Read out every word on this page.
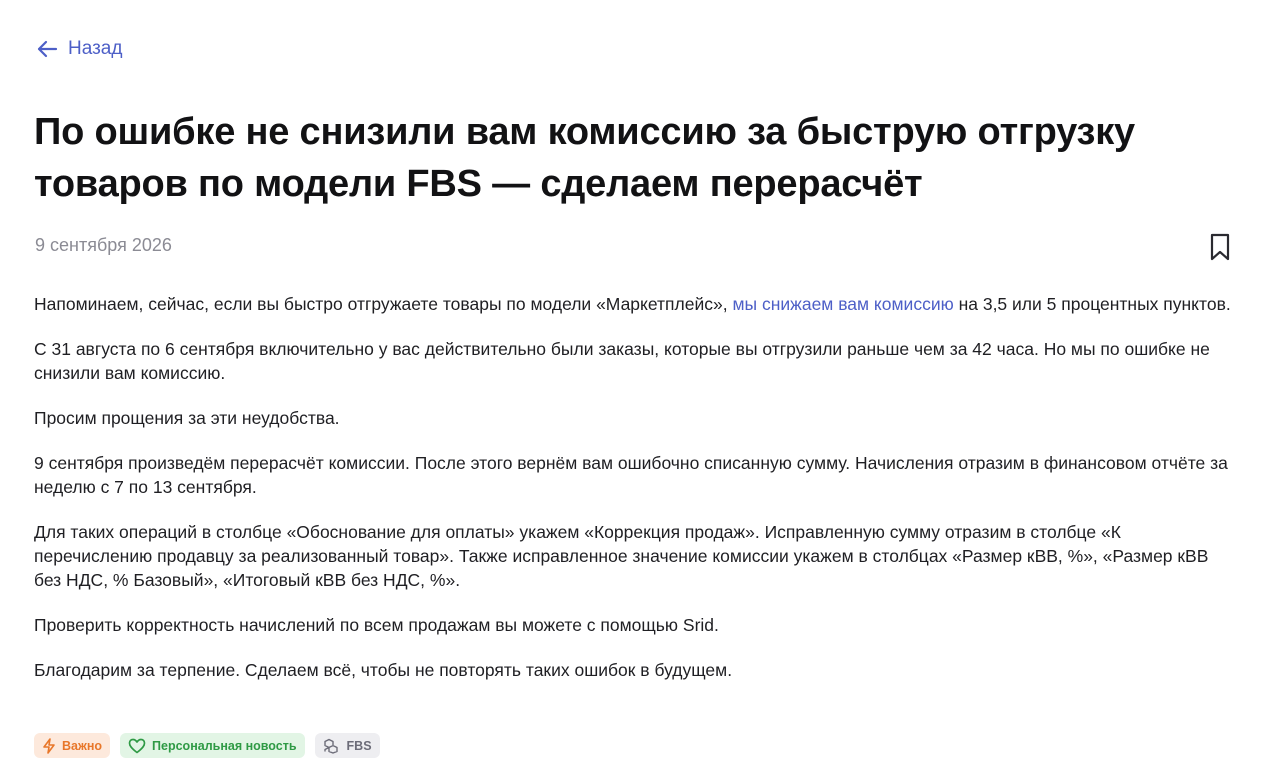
Назад
По ошибке не снизили вам комиссию за быструю отгрузку товаров по модели FBS — сделаем перерасчёт
9 сентября 2026

Напоминаем, сейчас, если вы быстро отгружаете товары по модели «Маркетплейс», мы снижаем вам комиссию на 3,5 или 5 процентных пунктов.

С 31 августа по 6 сентября включительно у вас действительно были заказы, которые вы отгрузили раньше чем за 42 часа. Но мы по ошибке не снизили вам комиссию.

Просим прощения за эти неудобства.

9 сентября произведём перерасчёт комиссии. После этого вернём вам ошибочно списанную сумму. Начисления отразим в финансовом отчёте за неделю с 7 по 13 сентября.

Для таких операций в столбце «Обоснование для оплаты» укажем «Коррекция продаж». Исправленную сумму отразим в столбце «К перечислению продавцу за реализованный товар». Также исправленное значение комиссии укажем в столбцах «Размер кВВ, %», «Размер кВВ без НДС, % Базовый», «Итоговый кВВ без НДС, %».

Проверить корректность начислений по всем продажам вы можете с помощью Srid.

Благодарим за терпение. Сделаем всё, чтобы не повторять таких ошибок в будущем.

Важно	Персональная новость	FBS
